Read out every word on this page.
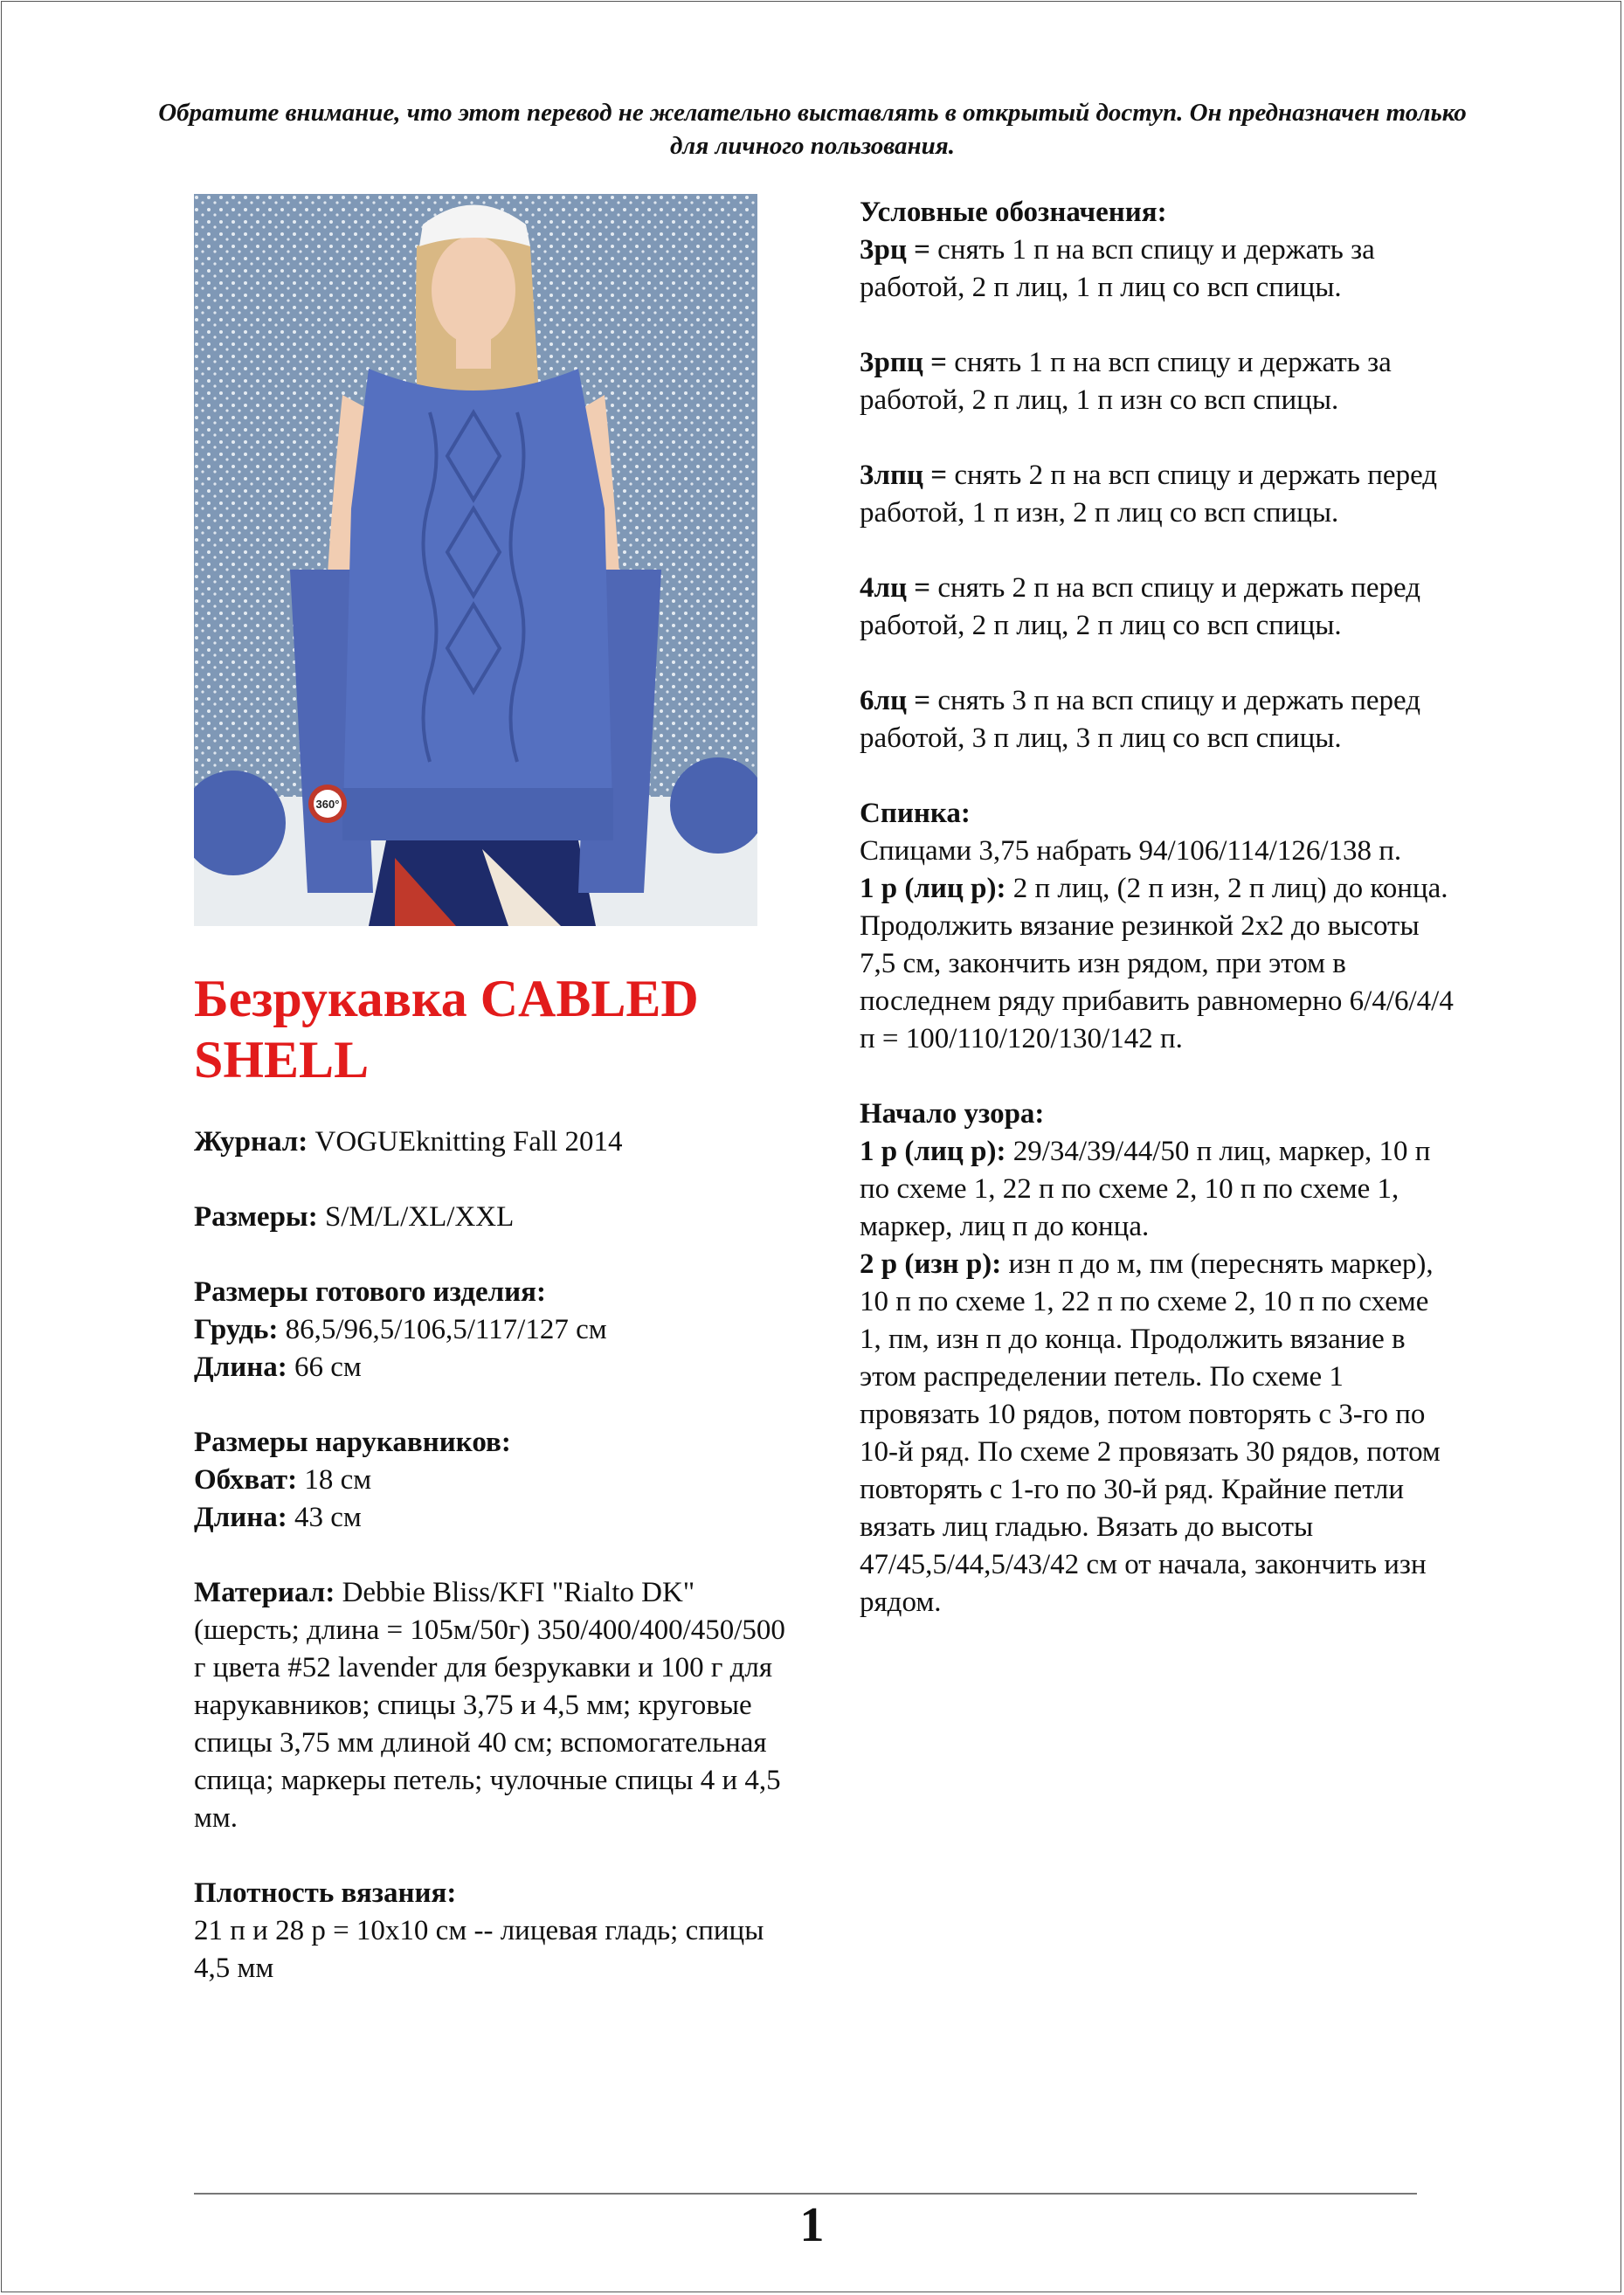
Обратите внимание, что этот перевод не желательно выставлять в открытый доступ. Он предназначен только для личного пользования.
360°
Безрукавка CABLED SHELL
Журнал: VOGUEknitting Fall 2014
Размеры: S/M/L/XL/XXL
Размеры готового изделия:
Грудь: 86,5/96,5/106,5/117/127 см
Длина: 66 см
Размеры нарукавников:
Обхват: 18 см
Длина: 43 см
Материал: Debbie Bliss/KFI "Rialto DK" (шерсть; длина = 105м/50г) 350/400/400/450/500 г цвета #52 lavender для безрукавки и 100 г для нарукавников; спицы 3,75 и 4,5 мм; круговые спицы 3,75 мм длиной 40 см; вспомогательная спица; маркеры петель; чулочные спицы 4 и 4,5 мм.
Плотность вязания:
21 п и 28 р = 10x10 см -- лицевая гладь; спицы 4,5 мм
Условные обозначения:
3рц = снять 1 п на всп спицу и держать за работой, 2 п лиц, 1 п лиц со всп спицы.
3рпц = снять 1 п на всп спицу и держать за работой, 2 п лиц, 1 п изн со всп спицы.
3лпц = снять 2 п на всп спицу и держать перед работой, 1 п изн, 2 п лиц со всп спицы.
4лц = снять 2 п на всп спицу и держать перед работой, 2 п лиц, 2 п лиц со всп спицы.
6лц = снять 3 п на всп спицу и держать перед работой, 3 п лиц, 3 п лиц со всп спицы.
Спинка:
Спицами 3,75 набрать 94/106/114/126/138 п.
1 р (лиц р): 2 п лиц, (2 п изн, 2 п лиц) до конца.
Продолжить вязание резинкой 2x2 до высоты 7,5 см, закончить изн рядом, при этом в последнем ряду прибавить равномерно 6/4/6/4/4 п = 100/110/120/130/142 п.
Начало узора:
1 р (лиц р): 29/34/39/44/50 п лиц, маркер, 10 п по схеме 1, 22 п по схеме 2, 10 п по схеме 1, маркер, лиц п до конца.
2 р (изн р): изн п до м, пм (переснять маркер), 10 п по схеме 1, 22 п по схеме 2, 10 п по схеме 1, пм, изн п до конца. Продолжить вязание в этом распределении петель. По схеме 1 провязать 10 рядов, потом повторять с 3-го по 10-й ряд. По схеме 2 провязать 30 рядов, потом повторять с 1-го по 30-й ряд. Крайние петли вязать лиц гладью. Вязать до высоты 47/45,5/44,5/43/42 см от начала, закончить изн рядом.
1
